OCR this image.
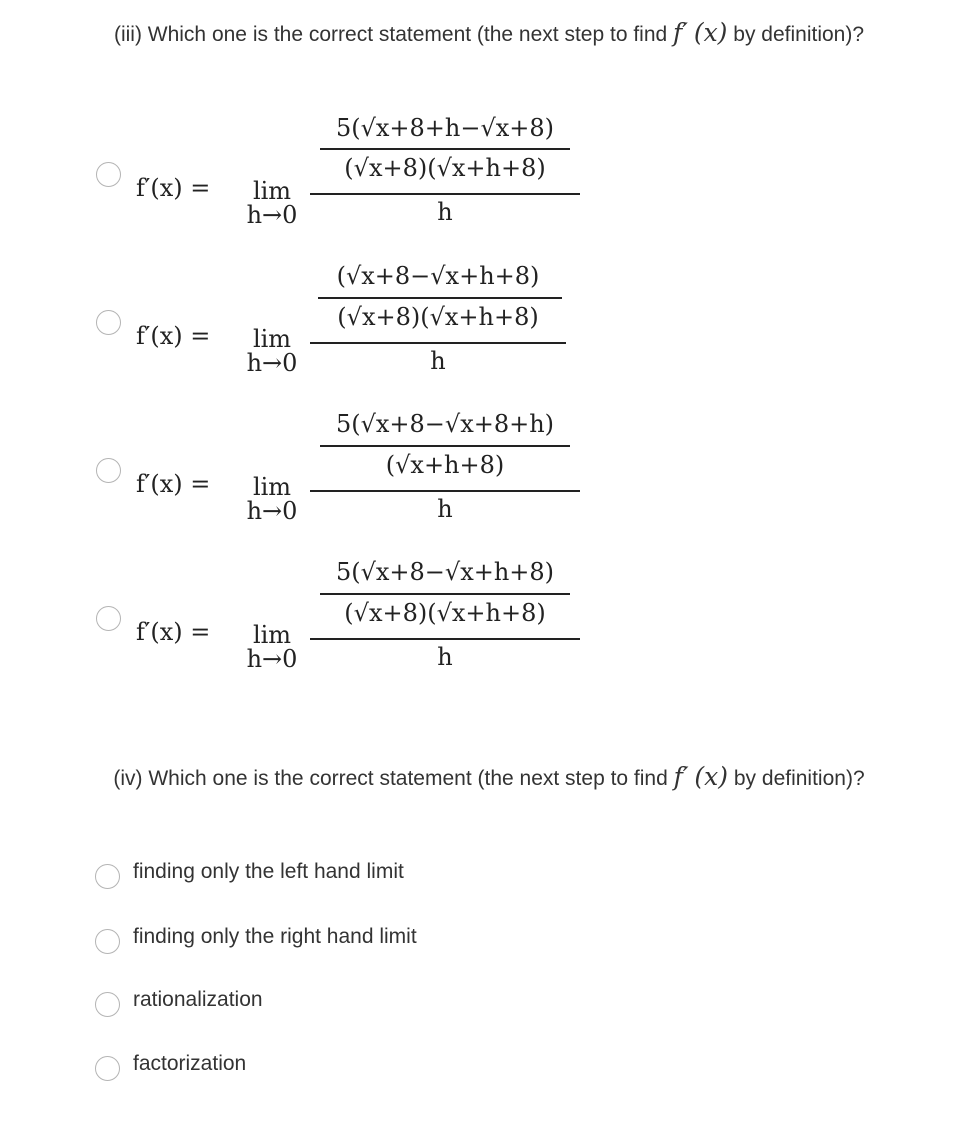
(iii) Which one is the correct statement (the next step to find f′ (x) by definition)?
f′(x) =	lim
h→0
5(√x+8+h−√x+8)
(√x+8)(√x+h+8)
h
f′(x) =	lim
h→0
(√x+8−√x+h+8)
(√x+8)(√x+h+8)
h
f′(x) =	lim
h→0
5(√x+8−√x+8+h)
(√x+h+8)
h
f′(x) =	lim
h→0
5(√x+8−√x+h+8)
(√x+8)(√x+h+8)
h
(iv) Which one is the correct statement (the next step to find f′ (x) by definition)?
finding only the left hand limit
finding only the right hand limit
rationalization
factorization
